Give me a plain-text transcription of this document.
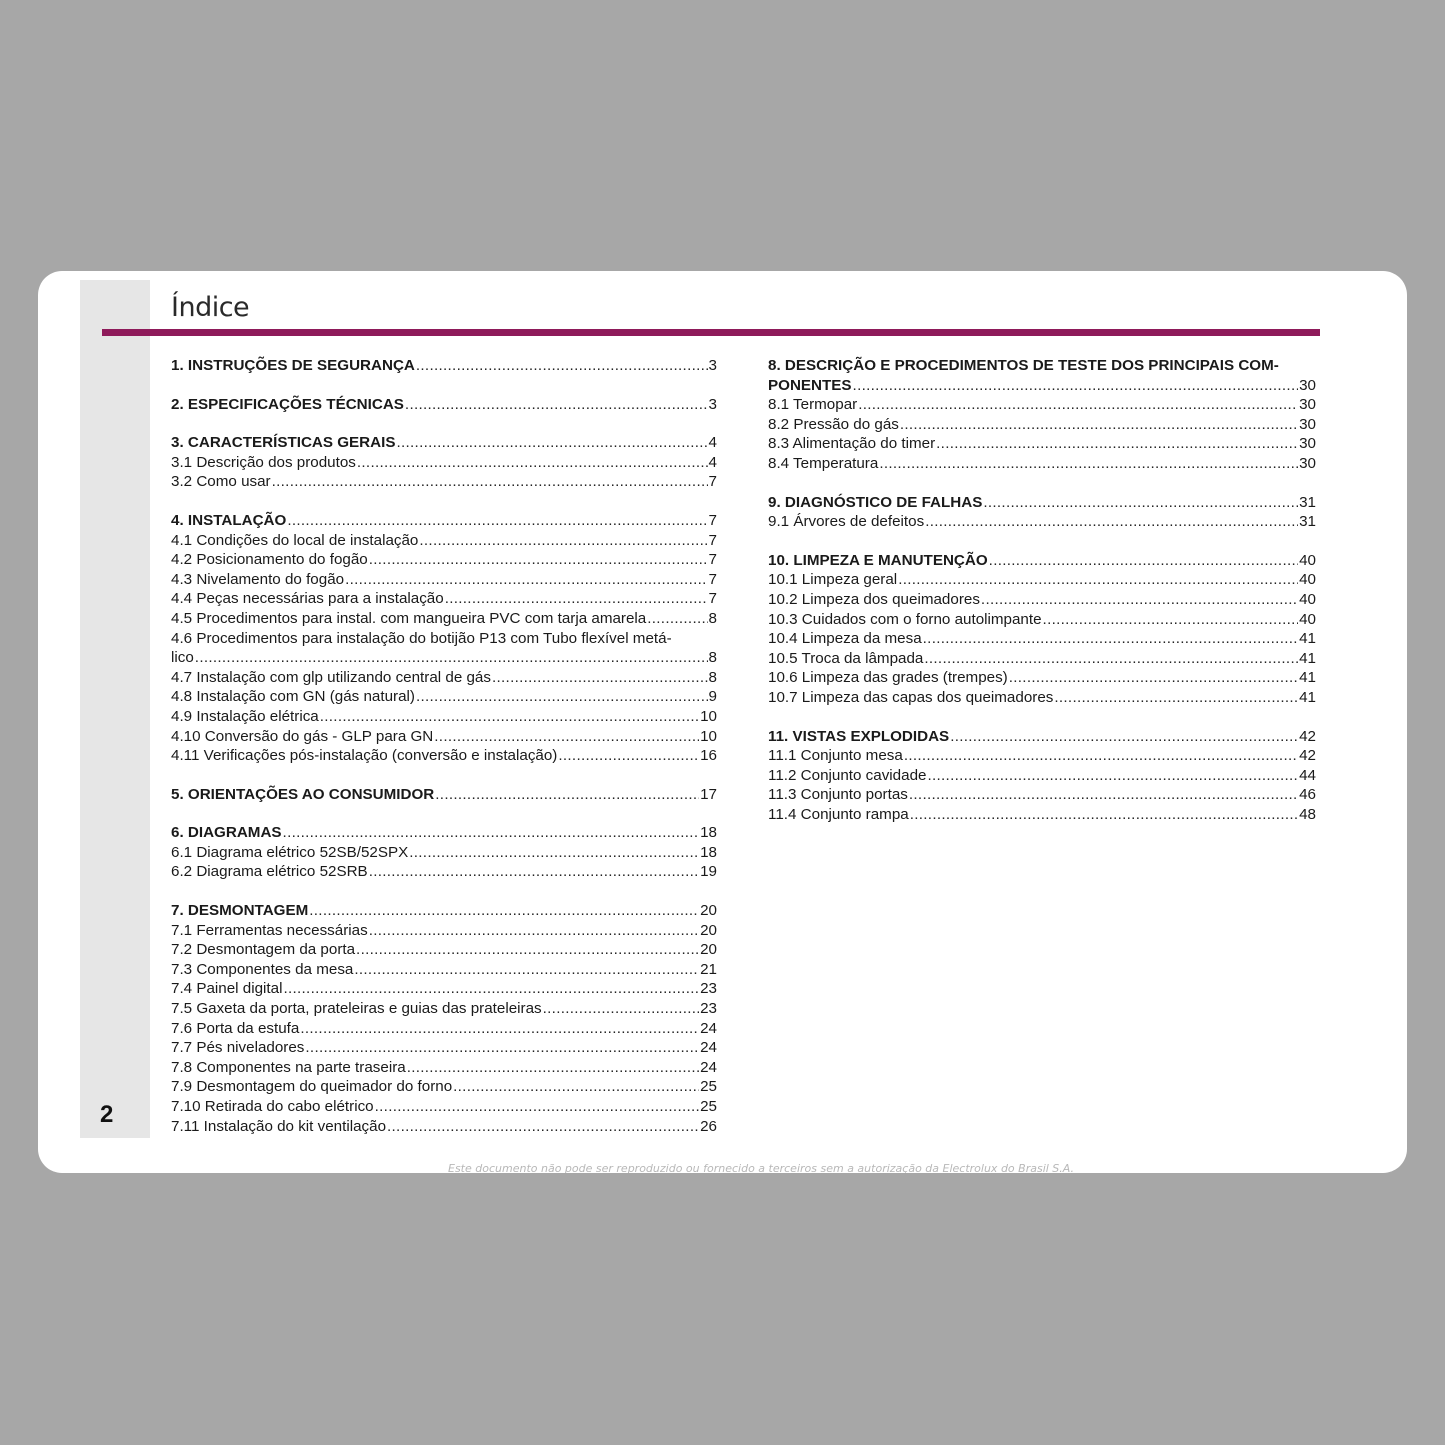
2
Índice
1. INSTRUÇÕES DE SEGURANÇA .....	3
2. ESPECIFICAÇÕES TÉCNICAS .....	3
3. CARACTERÍSTICAS GERAIS .....	4
3.1 Descrição dos produtos .....	4
3.2 Como usar .....	7
4. INSTALAÇÃO .....	7
4.1 Condições do local de instalação .....	7
4.2 Posicionamento do fogão .....	7
4.3 Nivelamento do fogão .....	7
4.4 Peças necessárias para a instalação .....	7
4.5 Procedimentos para instal. com mangueira PVC com tarja amarela .....	8
4.6 Procedimentos para instalação do botijão P13 com Tubo flexível metá-
lico .....	8
4.7 Instalação com glp utilizando central de gás .....	8
4.8 Instalação com GN (gás natural) .....	9
4.9 Instalação elétrica .....	10
4.10 Conversão do gás - GLP para GN .....	10
4.11 Verificações pós-instalação (conversão e instalação) .....	16
5. ORIENTAÇÕES AO CONSUMIDOR .....	17
6. DIAGRAMAS .....	18
6.1 Diagrama elétrico 52SB/52SPX .....	18
6.2 Diagrama elétrico 52SRB .....	19
7. DESMONTAGEM .....	20
7.1 Ferramentas necessárias .....	20
7.2 Desmontagem da porta .....	20
7.3 Componentes da mesa .....	21
7.4 Painel digital .....	23
7.5 Gaxeta da porta, prateleiras e guias das prateleiras .....	23
7.6 Porta da estufa .....	24
7.7 Pés niveladores .....	24
7.8 Componentes na parte traseira .....	24
7.9 Desmontagem do queimador do forno .....	25
7.10 Retirada do cabo elétrico .....	25
7.11 Instalação do kit ventilação .....	26
8. DESCRIÇÃO E PROCEDIMENTOS DE TESTE DOS PRINCIPAIS COM-
PONENTES .....	30
8.1 Termopar .....	30
8.2 Pressão do gás .....	30
8.3 Alimentação do timer .....	30
8.4 Temperatura .....	30
9. DIAGNÓSTICO DE FALHAS .....	31
9.1 Árvores de defeitos .....	31
10. LIMPEZA E MANUTENÇÃO .....	40
10.1 Limpeza geral .....	40
10.2 Limpeza dos queimadores .....	40
10.3 Cuidados com o forno autolimpante .....	40
10.4 Limpeza da mesa .....	41
10.5 Troca da lâmpada .....	41
10.6 Limpeza das grades (trempes) .....	41
10.7 Limpeza das capas dos queimadores .....	41
11. VISTAS EXPLODIDAS .....	42
11.1 Conjunto mesa .....	42
11.2 Conjunto cavidade .....	44
11.3 Conjunto portas .....	46
11.4 Conjunto rampa .....	48
Este documento não pode ser reproduzido ou fornecido a terceiros sem a autorização da Electrolux do Brasil S.A.
